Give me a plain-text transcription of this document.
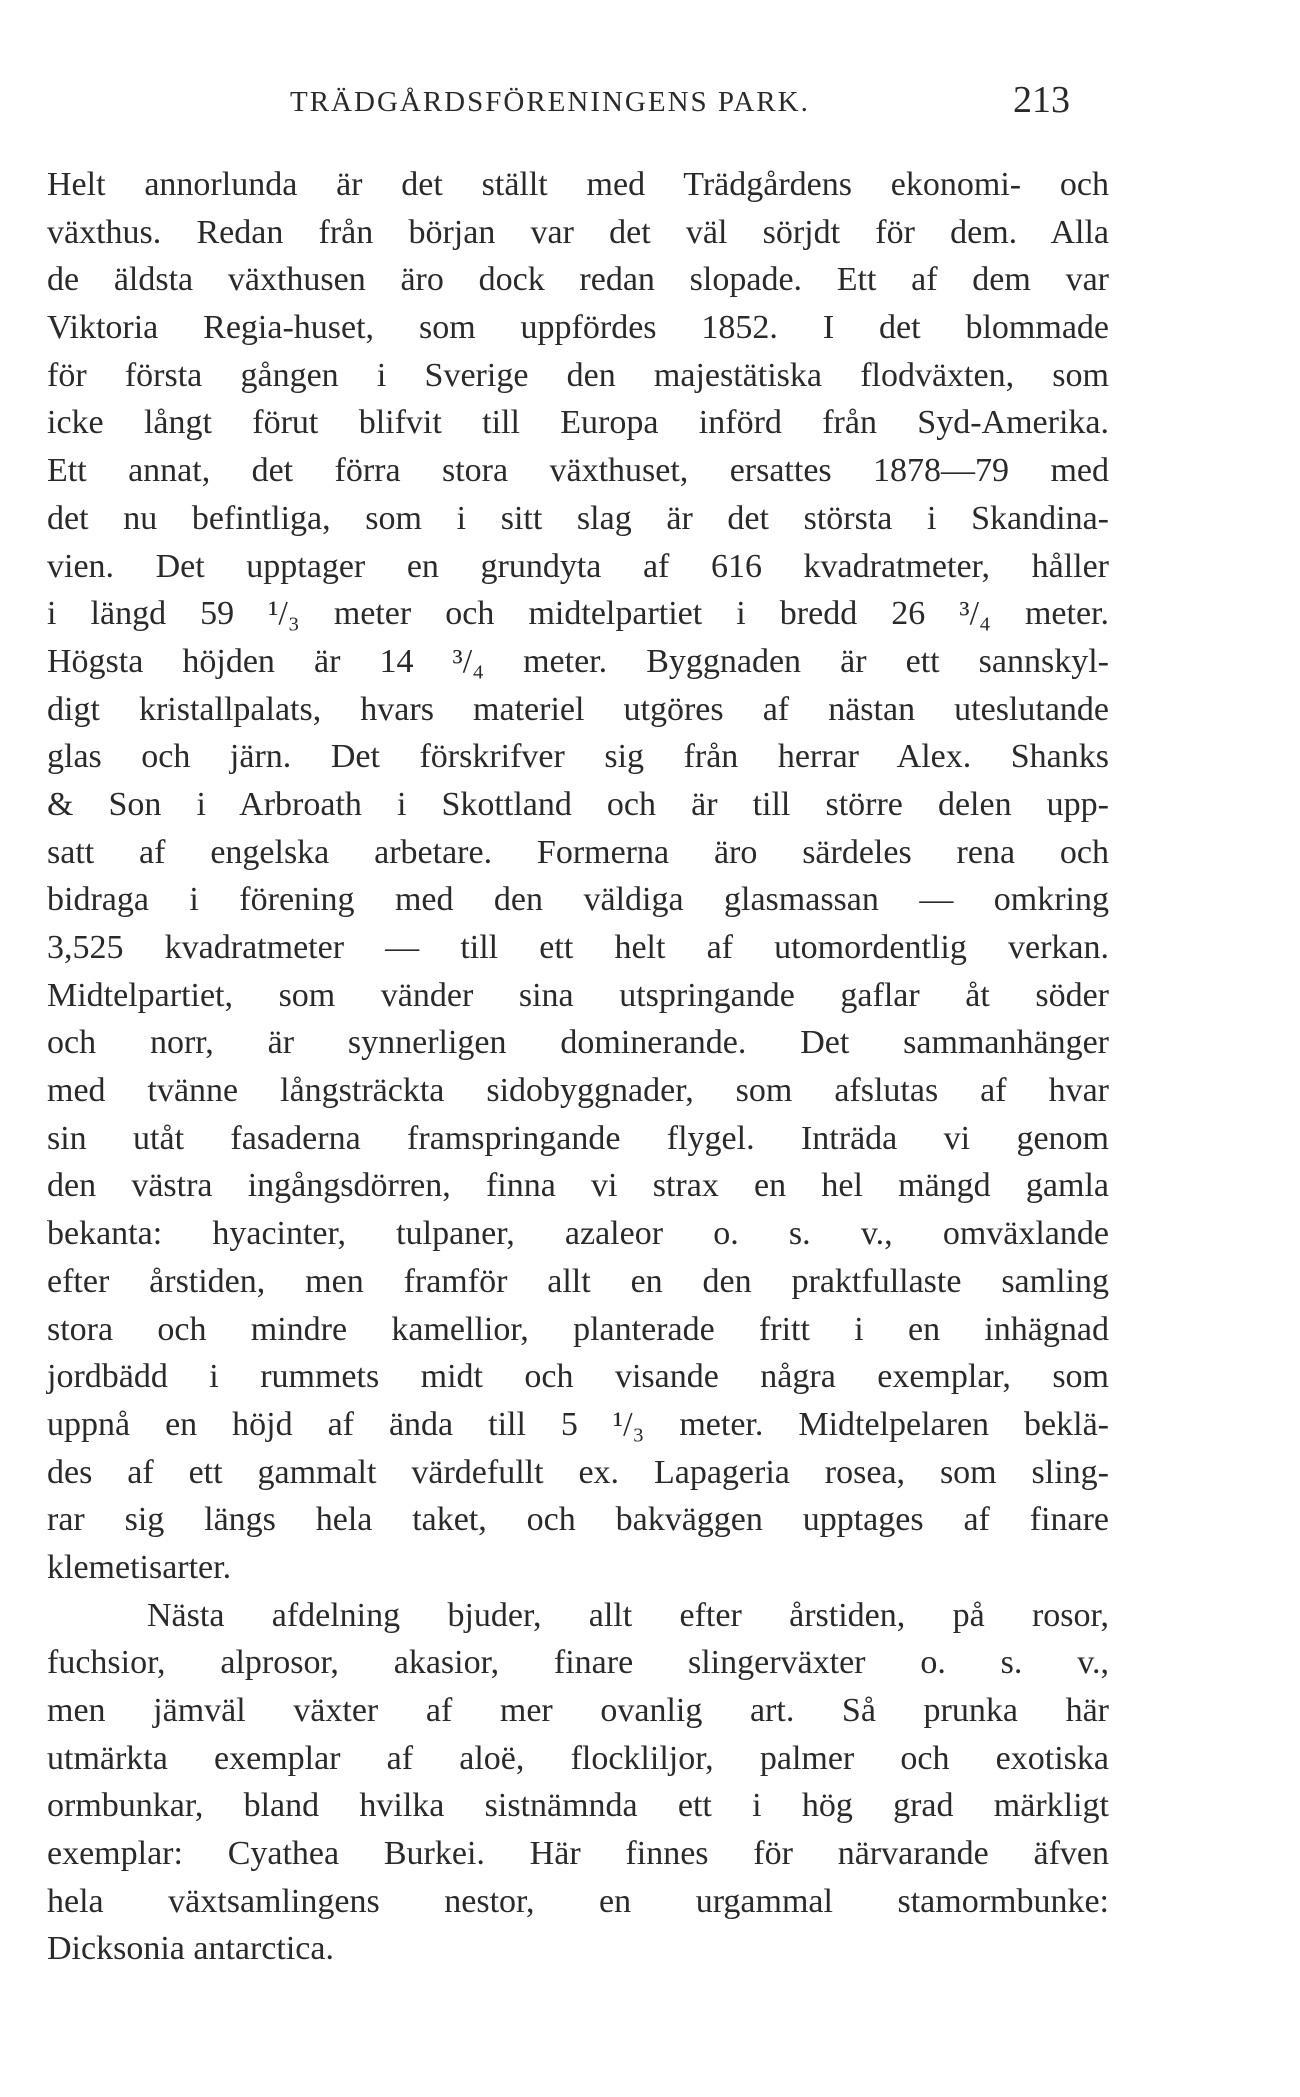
TRÄDGÅRDSFÖRENINGENS PARK.	213
Helt annorlunda är det ställt med Trädgårdens ekonomi- och
växthus. Redan från början var det väl sörjdt för dem. Alla
de äldsta växthusen äro dock redan slopade. Ett af dem var
Viktoria Regia-huset, som uppfördes 1852. I det blommade
för första gången i Sverige den majestätiska flodväxten, som
icke långt förut blifvit till Europa införd från Syd-Amerika.
Ett annat, det förra stora växthuset, ersattes 1878—79 med
det nu befintliga, som i sitt slag är det största i Skandina-
vien. Det upptager en grundyta af 616 kvadratmeter, håller
i längd 59 ¹/₃ meter och midtelpartiet i bredd 26 ³/₄ meter.
Högsta höjden är 14 ³/₄ meter. Byggnaden är ett sannskyl-
digt kristallpalats, hvars materiel utgöres af nästan uteslutande
glas och järn. Det förskrifver sig från herrar Alex. Shanks
& Son i Arbroath i Skottland och är till större delen upp-
satt af engelska arbetare. Formerna äro särdeles rena och
bidraga i förening med den väldiga glasmassan — omkring
3,525 kvadratmeter — till ett helt af utomordentlig verkan.
Midtelpartiet, som vänder sina utspringande gaflar åt söder
och norr, är synnerligen dominerande. Det sammanhänger
med tvänne långsträckta sidobyggnader, som afslutas af hvar
sin utåt fasaderna framspringande flygel. Inträda vi genom
den västra ingångsdörren, finna vi strax en hel mängd gamla
bekanta: hyacinter, tulpaner, azaleor o. s. v., omväxlande
efter årstiden, men framför allt en den praktfullaste samling
stora och mindre kamellior, planterade fritt i en inhägnad
jordbädd i rummets midt och visande några exemplar, som
uppnå en höjd af ända till 5 ¹/₃ meter. Midtelpelaren beklä-
des af ett gammalt värdefullt ex. Lapageria rosea, som sling-
rar sig längs hela taket, och bakväggen upptages af finare
klemetisarter.
Nästa afdelning bjuder, allt efter årstiden, på rosor,
fuchsior, alprosor, akasior, finare slingerväxter o. s. v.,
men jämväl växter af mer ovanlig art. Så prunka här
utmärkta exemplar af aloë, flockliljor, palmer och exotiska
ormbunkar, bland hvilka sistnämnda ett i hög grad märkligt
exemplar: Cyathea Burkei. Här finnes för närvarande äfven
hela växtsamlingens nestor, en urgammal stamormbunke:
Dicksonia antarctica.
